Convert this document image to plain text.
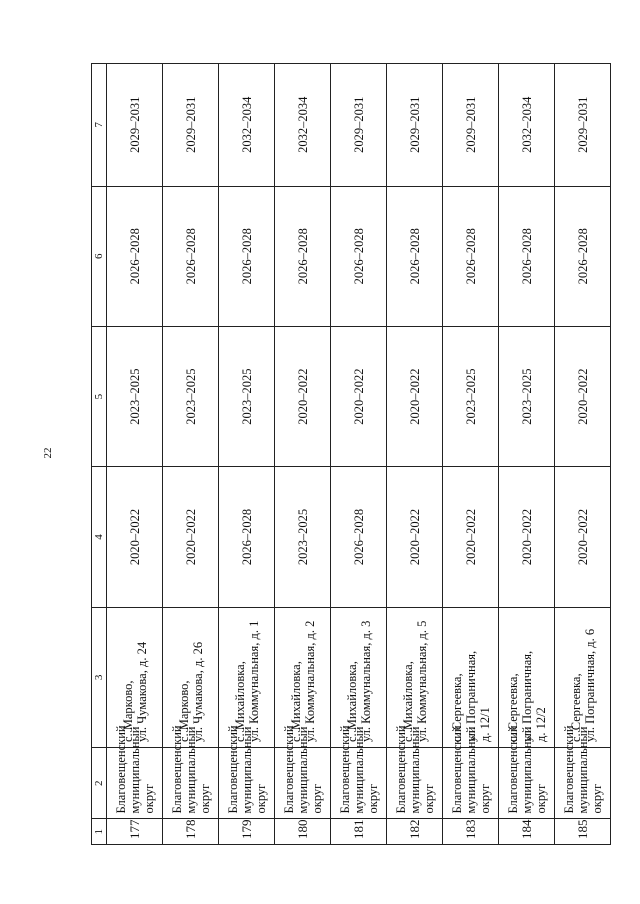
22
1	2	3	4	5	6	7
177	Благовещенский муниципальный округ	с. Марково, ул. Чумакова, д. 24	2020–2022	2023–2025	2026–2028	2029–2031
178	Благовещенский муниципальный округ	с. Марково, ул. Чумакова, д. 26	2020–2022	2023–2025	2026–2028	2029–2031
179	Благовещенский муниципальный округ	с. Михайловка, ул. Коммунальная, д. 1	2026–2028	2023–2025	2026–2028	2032–2034
180	Благовещенский муниципальный округ	с. Михайловка, ул. Коммунальная, д. 2	2023–2025	2020–2022	2026–2028	2032–2034
181	Благовещенский муниципальный округ	с. Михайловка, ул. Коммунальная, д. 3	2026–2028	2020–2022	2026–2028	2029–2031
182	Благовещенский муниципальный округ	с. Михайловка, ул. Коммунальная, д. 5	2020–2022	2020–2022	2026–2028	2029–2031
183	Благовещенский муниципальный округ	с. Сергеевка, ул. Пограничная, д. 12/1	2020–2022	2023–2025	2026–2028	2029–2031
184	Благовещенский муниципальный округ	с. Сергеевка, ул. Пограничная, д. 12/2	2020–2022	2023–2025	2026–2028	2032–2034
185	Благовещенский муниципальный округ	с. Сергеевка, ул. Пограничная, д. 6	2020–2022	2020–2022	2026–2028	2029–2031
